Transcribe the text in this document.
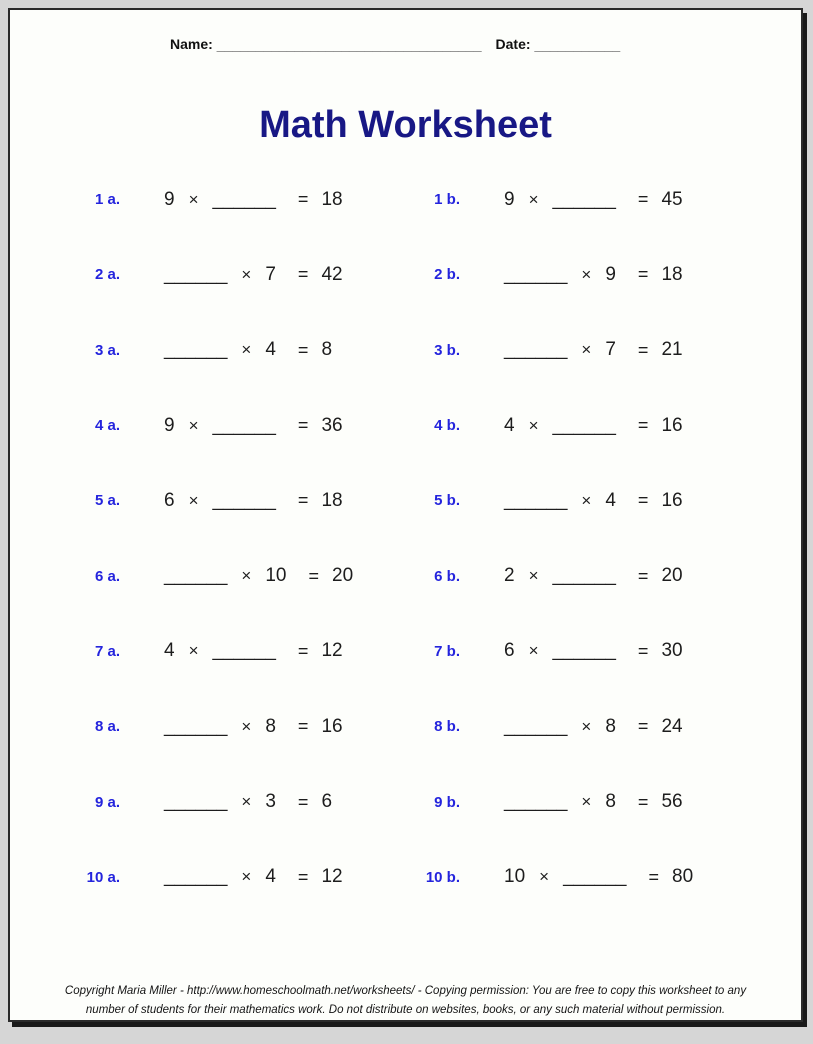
Name: __________________________________ Date: ___________
Math Worksheet
1 a. 9 × ______ = 18	1 b. 9 × ______ = 45
2 a. ______ × 7 = 42	2 b. ______ × 9 = 18
3 a. ______ × 4 = 8	3 b. ______ × 7 = 21
4 a. 9 × ______ = 36	4 b. 4 × ______ = 16
5 a. 6 × ______ = 18	5 b. ______ × 4 = 16
6 a. ______ × 10 = 20	6 b. 2 × ______ = 20
7 a. 4 × ______ = 12	7 b. 6 × ______ = 30
8 a. ______ × 8 = 16	8 b. ______ × 8 = 24
9 a. ______ × 3 = 6	9 b. ______ × 8 = 56
10 a. ______ × 4 = 12	10 b. 10 × ______ = 80
Copyright Maria Miller - http://www.homeschoolmath.net/worksheets/ - Copying permission: You are free to copy this worksheet to any
number of students for their mathematics work. Do not distribute on websites, books, or any such material without permission.
